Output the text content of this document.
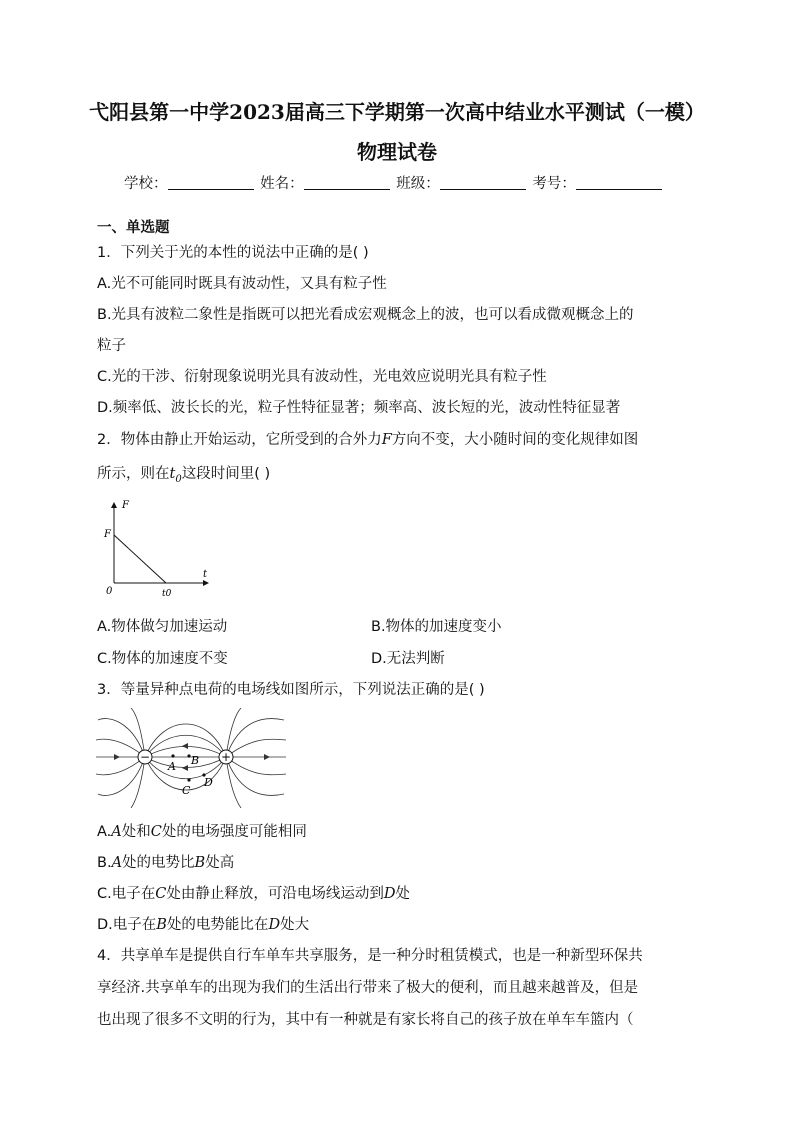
弋阳县第一中学2023届高三下学期第一次高中结业水平测试（一模）
物理试卷
学校：	姓名：	班级：	考号：
一、单选题
1．下列关于光的本性的说法中正确的是( )
A.光不可能同时既具有波动性，又具有粒子性
B.光具有波粒二象性是指既可以把光看成宏观概念上的波，也可以看成微观概念上的
粒子
C.光的干涉、衍射现象说明光具有波动性，光电效应说明光具有粒子性
D.频率低、波长长的光，粒子性特征显著；频率高、波长短的光，波动性特征显著
2．物体由静止开始运动，它所受到的合外力F方向不变，大小随时间的变化规律如图
所示，则在$t_0$这段时间里( )
F
t
F
0	t0
A.物体做匀加速运动	B.物体的加速度变小
C.物体的加速度不变	D.无法判断
3．等量异种点电荷的电场线如图所示，下列说法正确的是( )
−	+
A B
C
D
A.A处和C处的电场强度可能相同
B.A处的电势比B处高
C.电子在C处由静止释放，可沿电场线运动到D处
D.电子在B处的电势能比在D处大
4．共享单车是提供自行车单车共享服务，是一种分时租赁模式，也是一种新型环保共
享经济.共享单车的出现为我们的生活出行带来了极大的便利，而且越来越普及，但是
也出现了很多不文明的行为，其中有一种就是有家长将自己的孩子放在单车车篮内（
